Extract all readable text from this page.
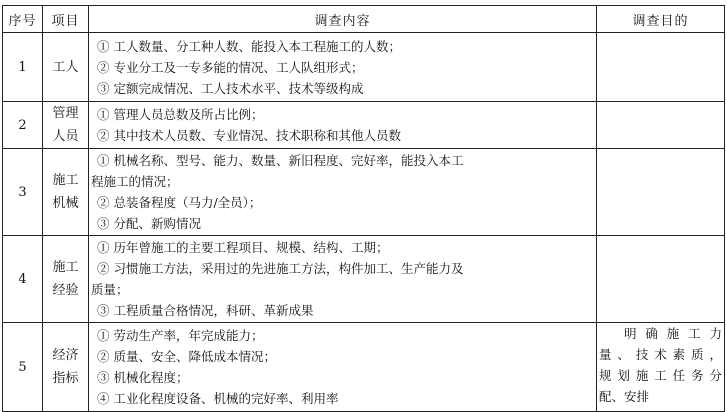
序号	项目	调查内容	调查目的
1	工人	① 工人数量、分工种人数、能投入本工程施工的人数；
② 专业分工及一专多能的情况、工人队组形式；
③ 定额完成情况、工人技术水平、技术等级构成	

2	管理人员	① 管理人员总数及所占比例；
② 其中技术人员数、专业情况、技术职称和其他人员数	

3	施工机械	① 机械名称、型号、能力、数量、新旧程度、完好率，能投入本工
程施工的情况；
② 总装备程度（马力/全员）；
③ 分配、新购情况	

4	施工经验	① 历年曾施工的主要工程项目、规模、结构、工期；
② 习惯施工方法，采用过的先进施工方法，构件加工、生产能力及
质量；
③ 工程质量合格情况，科研、革新成果	

5	经济指标	① 劳动生产率，年完成能力；
② 质量、安全、降低成本情况；
③ 机械化程度；
④ 工业化程度设备、机械的完好率、利用率	明确施工力
量、技术素质，
规划施工任务分
配、安排
